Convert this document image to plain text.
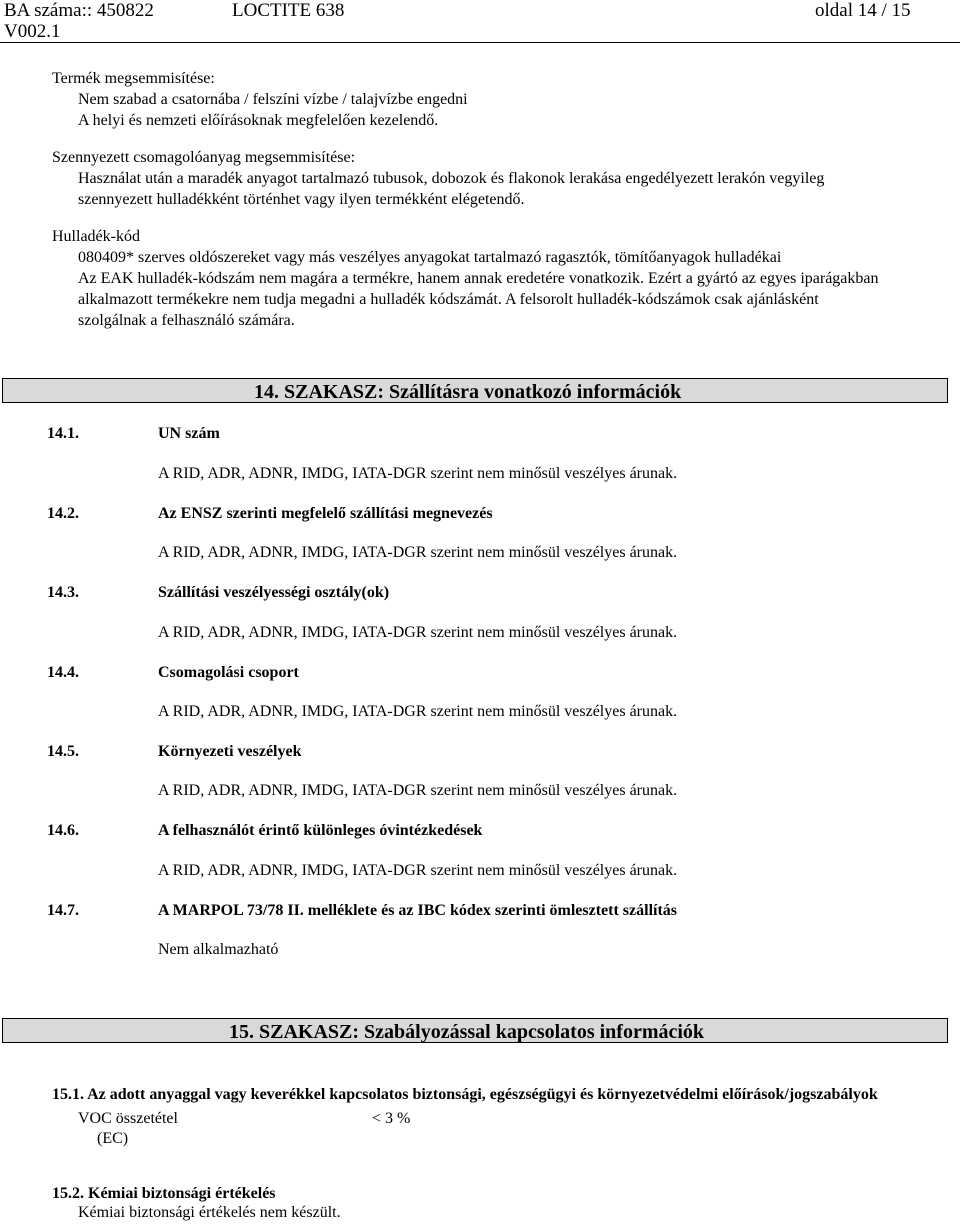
BA száma:: 450822	LOCTITE 638	oldal 14 / 15
V002.1
Termék megsemmisítése:
Nem szabad a csatornába / felszíni vízbe / talajvízbe engedni
A helyi és nemzeti előírásoknak megfelelően kezelendő.
Szennyezett csomagolóanyag megsemmisítése:
Használat után a maradék anyagot tartalmazó tubusok, dobozok és flakonok lerakása engedélyezett lerakón vegyileg
szennyezett hulladékként történhet vagy ilyen termékként elégetendő.
Hulladék-kód
080409* szerves oldószereket vagy más veszélyes anyagokat tartalmazó ragasztók, tömítőanyagok hulladékai
Az EAK hulladék-kódszám nem magára a termékre, hanem annak eredetére vonatkozik. Ezért a gyártó az egyes iparágakban
alkalmazott termékekre nem tudja megadni a hulladék kódszámát. A felsorolt hulladék-kódszámok csak ajánlásként
szolgálnak a felhasználó számára.
14. SZAKASZ: Szállításra vonatkozó információk
14.1.	UN szám
A RID, ADR, ADNR, IMDG, IATA-DGR szerint nem minősül veszélyes árunak.
14.2.	Az ENSZ szerinti megfelelő szállítási megnevezés
A RID, ADR, ADNR, IMDG, IATA-DGR szerint nem minősül veszélyes árunak.
14.3.	Szállítási veszélyességi osztály(ok)
A RID, ADR, ADNR, IMDG, IATA-DGR szerint nem minősül veszélyes árunak.
14.4.	Csomagolási csoport
A RID, ADR, ADNR, IMDG, IATA-DGR szerint nem minősül veszélyes árunak.
14.5.	Környezeti veszélyek
A RID, ADR, ADNR, IMDG, IATA-DGR szerint nem minősül veszélyes árunak.
14.6.	A felhasználót érintő különleges óvintézkedések
A RID, ADR, ADNR, IMDG, IATA-DGR szerint nem minősül veszélyes árunak.
14.7.	A MARPOL 73/78 II. melléklete és az IBC kódex szerinti ömlesztett szállítás
Nem alkalmazható
15. SZAKASZ: Szabályozással kapcsolatos információk
15.1. Az adott anyaggal vagy keverékkel kapcsolatos biztonsági, egészségügyi és környezetvédelmi előírások/jogszabályok
VOC összetétel	< 3 %
(EC)
15.2. Kémiai biztonsági értékelés
Kémiai biztonsági értékelés nem készült.
